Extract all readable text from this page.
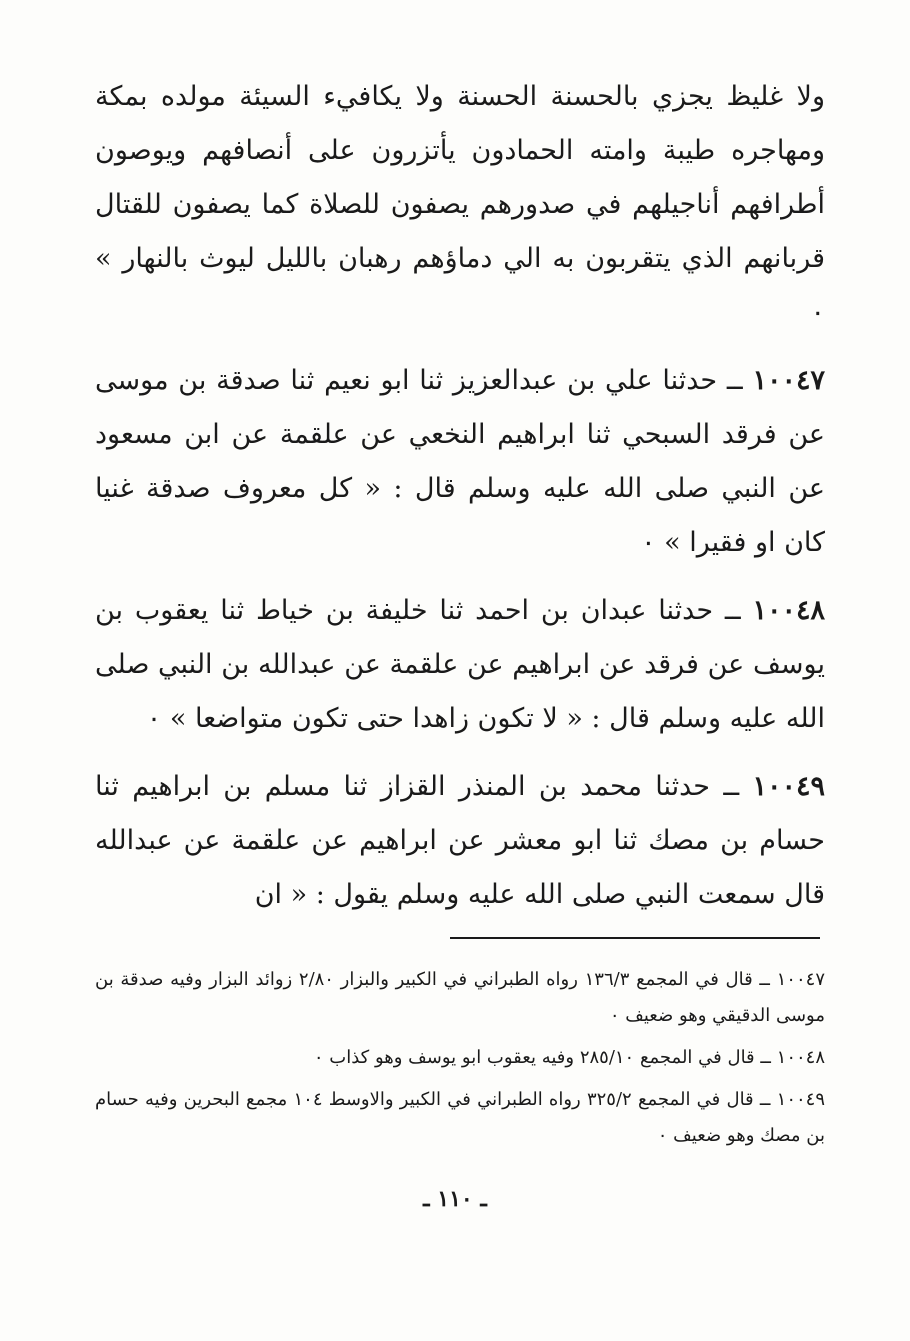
ولا غليظ يجزي بالحسنة الحسنة ولا يكافيء السيئة مولده بمكة ومهاجره طيبة وامته الحمادون يأتزرون على أنصافهم ويوصون أطرافهم أناجيلهم في صدورهم يصفون للصلاة كما يصفون للقتال قربانهم الذي يتقربون به الي دماؤهم رهبان بالليل ليوث بالنهار » ٠

١٠٠٤٧ ــ حدثنا علي بن عبدالعزيز ثنا ابو نعيم ثنا صدقة بن موسى عن فرقد السبحي ثنا ابراهيم النخعي عن علقمة عن ابن مسعود عن النبي صلى الله عليه وسلم قال : « كل معروف صدقة غنيا كان او فقيرا » ٠

١٠٠٤٨ ــ حدثنا عبدان بن احمد ثنا خليفة بن خياط ثنا يعقوب بن يوسف عن فرقد عن ابراهيم عن علقمة عن عبدالله بن النبي صلى الله عليه وسلم قال : « لا تكون زاهدا حتى تكون متواضعا » ٠

١٠٠٤٩ ــ حدثنا محمد بن المنذر القزاز ثنا مسلم بن ابراهيم ثنا حسام بن مصك ثنا ابو معشر عن ابراهيم عن علقمة عن عبدالله قال سمعت النبي صلى الله عليه وسلم يقول : « ان

١٠٠٤٧ ــ قال في المجمع ١٣٦/٣ رواه الطبراني في الكبير والبزار ٢/٨٠ زوائد البزار وفيه صدقة بن موسى الدقيقي وهو ضعيف ٠

١٠٠٤٨ ــ قال في المجمع ٢٨٥/١٠ وفيه يعقوب ابو يوسف وهو كذاب ٠

١٠٠٤٩ ــ قال في المجمع ٣٢٥/٢ رواه الطبراني في الكبير والاوسط ١٠٤ مجمع البحرين وفيه حسام بن مصك وهو ضعيف ٠

ـ ١١٠ ـ
